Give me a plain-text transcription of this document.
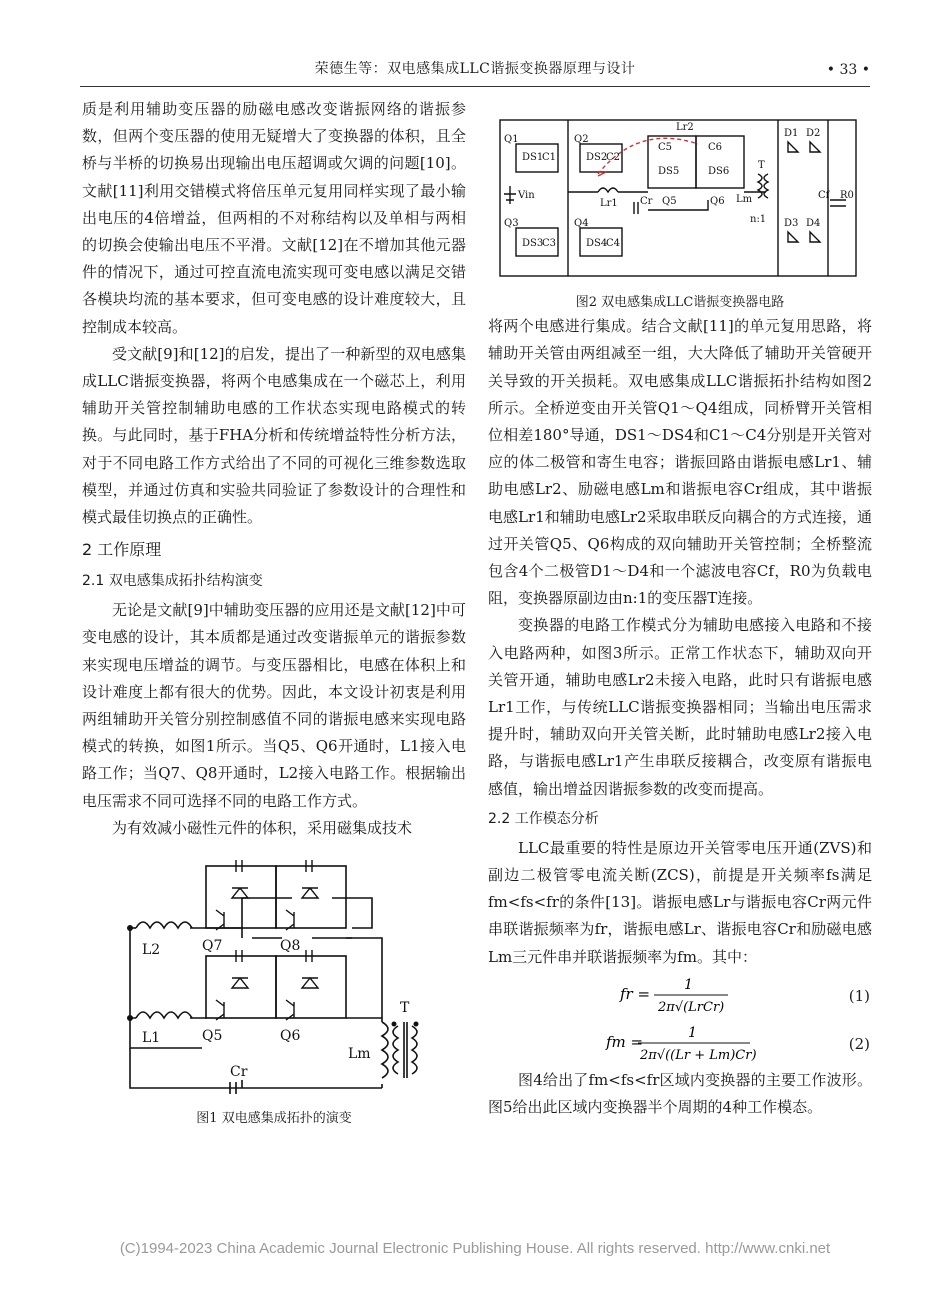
荣德生等：双电感集成LLC谐振变换器原理与设计	• 33 •

质是利用辅助变压器的励磁电感改变谐振网络的谐振参数，但两个变压器的使用无疑增大了变换器的体积，且全桥与半桥的切换易出现输出电压超调或欠调的问题[10]。文献[11]利用交错模式将倍压单元复用同样实现了最小输出电压的4倍增益，但两相的不对称结构以及单相与两相的切换会使输出电压不平滑。文献[12]在不增加其他元器件的情况下，通过可控直流电流实现可变电感以满足交错各模块均流的基本要求，但可变电感的设计难度较大，且控制成本较高。

受文献[9]和[12]的启发，提出了一种新型的双电感集成LLC谐振变换器，将两个电感集成在一个磁芯上，利用辅助开关管控制辅助电感的工作状态实现电路模式的转换。与此同时，基于FHA分析和传统增益特性分析方法，对于不同电路工作方式给出了不同的可视化三维参数选取模型，并通过仿真和实验共同验证了参数设计的合理性和模式最佳切换点的正确性。

2 工作原理

2.1 双电感集成拓扑结构演变

无论是文献[9]中辅助变压器的应用还是文献[12]中可变电感的设计，其本质都是通过改变谐振单元的谐振参数来实现电压增益的调节。与变压器相比，电感在体积上和设计难度上都有很大的优势。因此，本文设计初衷是利用两组辅助开关管分别控制感值不同的谐振电感来实现电路模式的转换，如图1所示。当Q5、Q6开通时，L1接入电路工作；当Q7、Q8开通时，L2接入电路工作。根据输出电压需求不同可选择不同的电路工作方式。

为有效减小磁性元件的体积，采用磁集成技术

L2	Q7	Q8
L1	Q5	Q6
Lm
Cr
T

图1 双电感集成拓扑的演变

Lr2
Q1
DS1
C1
Q2
DS2
C2
C5
DS5
C6
DS6
D1 D2
T
Lr1 Cr Q5	Q6 Lm
Vin	Cf R0
n:1
Q3
DS3
C3
Q4
DS4
C4
D3 D4

图2 双电感集成LLC谐振变换器电路

将两个电感进行集成。结合文献[11]的单元复用思路，将辅助开关管由两组减至一组，大大降低了辅助开关管硬开关导致的开关损耗。双电感集成LLC谐振拓扑结构如图2所示。全桥逆变由开关管Q1～Q4组成，同桥臂开关管相位相差180°导通，DS1～DS4和C1～C4分别是开关管对应的体二极管和寄生电容；谐振回路由谐振电感Lr1、辅助电感Lr2、励磁电感Lm和谐振电容Cr组成，其中谐振电感Lr1和辅助电感Lr2采取串联反向耦合的方式连接，通过开关管Q5、Q6构成的双向辅助开关管控制；全桥整流包含4个二极管D1～D4和一个滤波电容Cf，R0为负载电阻，变换器原副边由n:1的变压器T连接。

变换器的电路工作模式分为辅助电感接入电路和不接入电路两种，如图3所示。正常工作状态下，辅助双向开关管开通，辅助电感Lr2未接入电路，此时只有谐振电感Lr1工作，与传统LLC谐振变换器相同；当输出电压需求提升时，辅助双向开关管关断，此时辅助电感Lr2接入电路，与谐振电感Lr1产生串联反接耦合，改变原有谐振电感值，输出增益因谐振参数的改变而提高。

2.2 工作模态分析

LLC最重要的特性是原边开关管零电压开通(ZVS)和副边二极管零电流关断(ZCS)，前提是开关频率fs满足fm<fs<fr的条件[13]。谐振电感Lr与谐振电容Cr两元件串联谐振频率为fr，谐振电感Lr、谐振电容Cr和励磁电感Lm三元件串并联谐振频率为fm。其中：

fr = 1
2π√(LrCr)
(1)
fm =	1
2π√((Lr + Lm)Cr)
(2)

图4给出了fm<fs<fr区域内变换器的主要工作波形。图5给出此区域内变换器半个周期的4种工作模态。

(C)1994-2023 China Academic Journal Electronic Publishing House. All rights reserved. http://www.cnki.net
